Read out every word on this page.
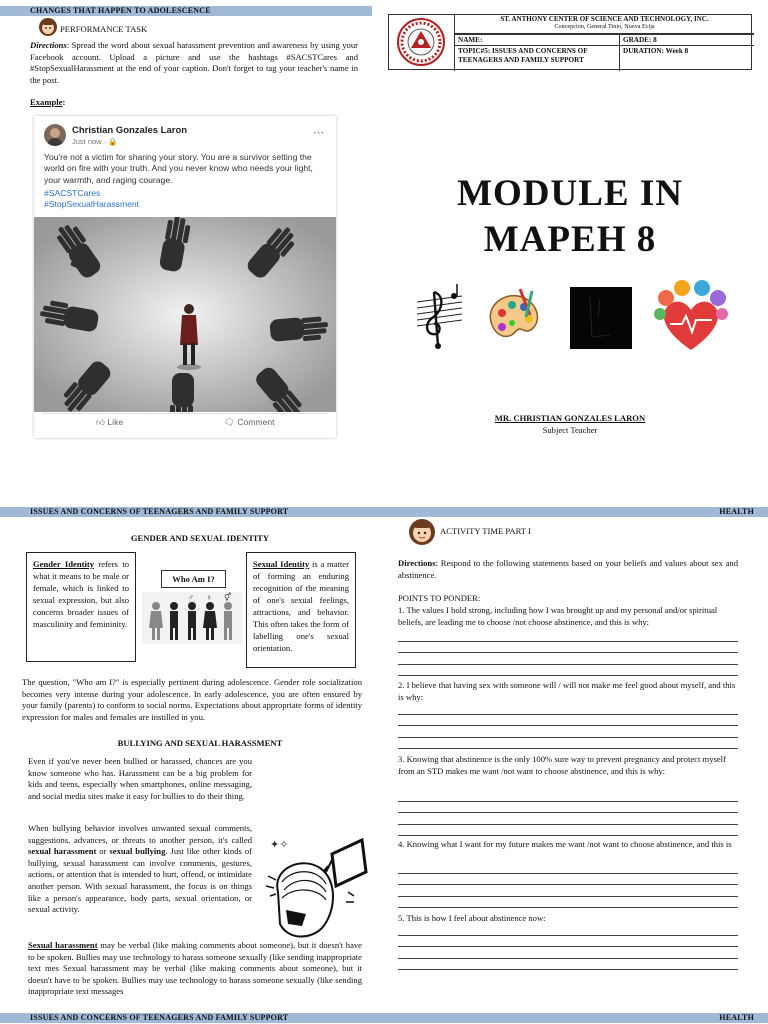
CHANGES THAT HAPPEN TO ADOLESCENCE
PERFORMANCE TASK
Directions: Spread the word about sexual harassment prevention and awareness by using your Facebook account. Upload a picture and use the hashtags #SACSTCares and #StopSexualHarassment at the end of your caption. Don't forget to tag your teacher's name in the post.
Example:
Christian Gonzales Laron
Just now · 🔒
⋯
You're not a victim for sharing your story. You are a survivor setting the world on fire with your truth. And you never know who needs your light, your warmth, and raging courage.
#SACSTCares
#StopSexualHarassment
👍︎ Like	🗨︎ Comment
ST. ANTHONY CENTER OF SCIENCE AND TECHNOLOGY, INC.
Concepcion, General Tinio, Nueva Ecija
NAME:	GRADE: 8
TOPIC#5: ISSUES AND CONCERNS OF TEENAGERS AND FAMILY SUPPORT
DURATION: Week 8
MODULE IN
MAPEH 8
MR. CHRISTIAN GONZALES LARON
Subject Teacher
ISSUES AND CONCERNS OF TEENAGERS AND FAMILY SUPPORT	HEALTH
GENDER AND SEXUAL IDENTITY
Gender Identity refers to what it means to be male or female, which is linked to sexual expression, but also concerns broader issues of masculinity and femininity.
Who Am I?
♂ ♀ ⚥
Sexual Identity is a matter of forming an enduring recognition of the meaning of one's sexual feelings, attractions, and behavior. This often takes the form of labelling one's sexual orientation.
The question, "Who am I?" is especially pertinent during adolescence. Gender role socialization becomes very intense during your adolescence. In early adolescence, you are often ensured by your family (parents) to conform to social norms. Expectations about appropriate forms of identity expression for males and females are instilled in you.
BULLYING AND SEXUAL HARASSMENT
Even if you've never been bullied or harassed, chances are you know someone who has. Harassment can be a big problem for kids and teens, especially when smartphones, online messaging, and social media sites make it easy for bullies to do their thing.
When bullying behavior involves unwanted sexual comments, suggestions, advances, or threats to another person, it's called sexual harassment or sexual bullying. Just like other kinds of bullying, sexual harassment can involve comments, gestures, actions, or attention that is intended to hurt, offend, or intimidate another person. With sexual harassment, the focus is on things like a person's appearance, body parts, sexual orientation, or sexual activity.
✦✧
Sexual harassment may be verbal (like making comments about someone), but it doesn't have to be spoken. Bullies may use technology to harass someone sexually (like sending inappropriate text mes Sexual harassment may be verbal (like making comments about someone), but it doesn't have to be spoken. Bullies may use technology to harass someone sexually (like sending inappropriate text messages
ACTIVITY TIME PART I
Directions: Respond to the following statements based on your beliefs and values about sex and abstinence.
POINTS TO PONDER:
1. The values I hold strong, including how I was brought up and my personal and/or spiritual beliefs, are leading me to choose /not choose abstinence, and this is why:
2. I believe that having sex with someone will / will not make me feel good about myself, and this is why:
3. Knowing that abstinence is the only 100% sure way to prevent pregnancy and protect myself from an STD makes me want /not want to choose abstinence, and this is why:
4. Knowing what I want for my future makes me want /not want to choose abstinence, and this is
5. This is how I feel about abstinence now:
ISSUES AND CONCERNS OF TEENAGERS AND FAMILY SUPPORT	HEALTH
